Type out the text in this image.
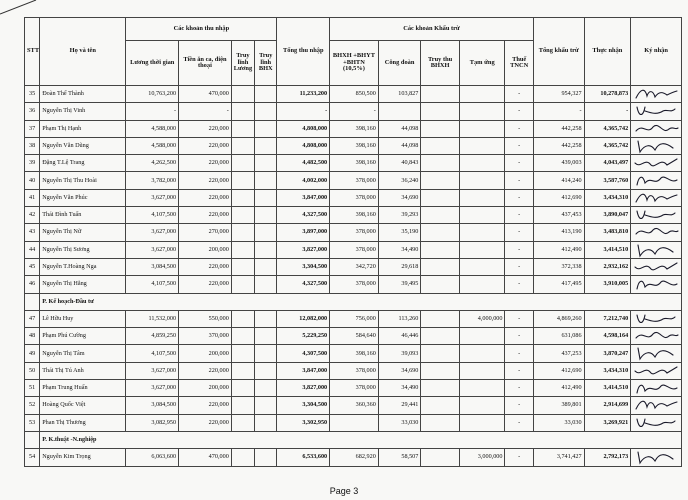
STT	Họ và tên	Các khoản thu nhập				Tổng thu nhập	Các khoản Khấu trừ					Tổng khấu trừ	Thực nhận	Ký nhận
		Lương thời gian	Tiền ăn ca, điện thoại	Truy lĩnh Lương	Truy lĩnh BHX		BHXH +BHYT +BHTN (10,5%)	Công đoàn	Truy thu BHXH	Tạm ứng	Thuế TNCN			
35	Đoàn Thế Thành	10,763,200	470,000			11,233,200	850,500	103,827			-	954,327	10,278,873	

36	Nguyễn Thị Vinh	-	-			-	-				-	-	-	

37	Phạm Thị Hạnh	4,588,000	220,000			4,808,000	398,160	44,098			-	442,258	4,365,742	

38	Nguyễn Văn Dũng	4,588,000	220,000			4,808,000	398,160	44,098			-	442,258	4,365,742	

39	Đặng T.Lệ Trang	4,262,500	220,000			4,482,500	398,160	40,843			-	439,003	4,043,497	

40	Nguyễn Thị Thu Hoài	3,782,000	220,000			4,002,000	378,000	36,240			-	414,240	3,587,760	

41	Nguyễn Văn Phúc	3,627,000	220,000			3,847,000	378,000	34,690			-	412,690	3,434,310	

42	Thái Đình Tuấn	4,107,500	220,000			4,327,500	398,160	39,293			-	437,453	3,890,047	

43	Nguyễn Thị Nữ	3,627,000	270,000			3,897,000	378,000	35,190			-	413,190	3,483,810	

44	Nguyễn Thị Sương	3,627,000	200,000			3,827,000	378,000	34,490			-	412,490	3,414,510	

45	Nguyễn T.Hoàng Nga	3,084,500	220,000			3,304,500	342,720	29,618			-	372,338	2,932,162	

46	Nguyễn Thị Hằng	4,107,500	220,000			4,327,500	378,000	39,495			-	417,495	3,910,005	

	P. Kế hoạch-Đầu tư													
47	Lê Hữu Huy	11,532,000	550,000			12,082,000	756,000	113,260		4,000,000	-	4,869,260	7,212,740	

48	Phạm Phú Cường	4,859,250	370,000			5,229,250	584,640	46,446			-	631,086	4,598,164	

49	Nguyễn Thị Tâm	4,107,500	200,000			4,307,500	398,160	39,093			-	437,253	3,870,247	

50	Thái Thị Tú Anh	3,627,000	220,000			3,847,000	378,000	34,690			-	412,690	3,434,310	

51	Phạm Trung Huấn	3,627,000	200,000			3,827,000	378,000	34,490			-	412,490	3,414,510	

52	Hoàng Quốc Việt	3,084,500	220,000			3,304,500	360,360	29,441			-	389,801	2,914,699	

53	Phan Thị Thương	3,082,950	220,000			3,302,950		33,030			-	33,030	3,269,921	

	P. K.thuật -N.nghiệp													
54	Nguyễn Kim Trọng	6,063,600	470,000			6,533,600	682,920	58,507		3,000,000	-	3,741,427	2,792,173	
Page 3
